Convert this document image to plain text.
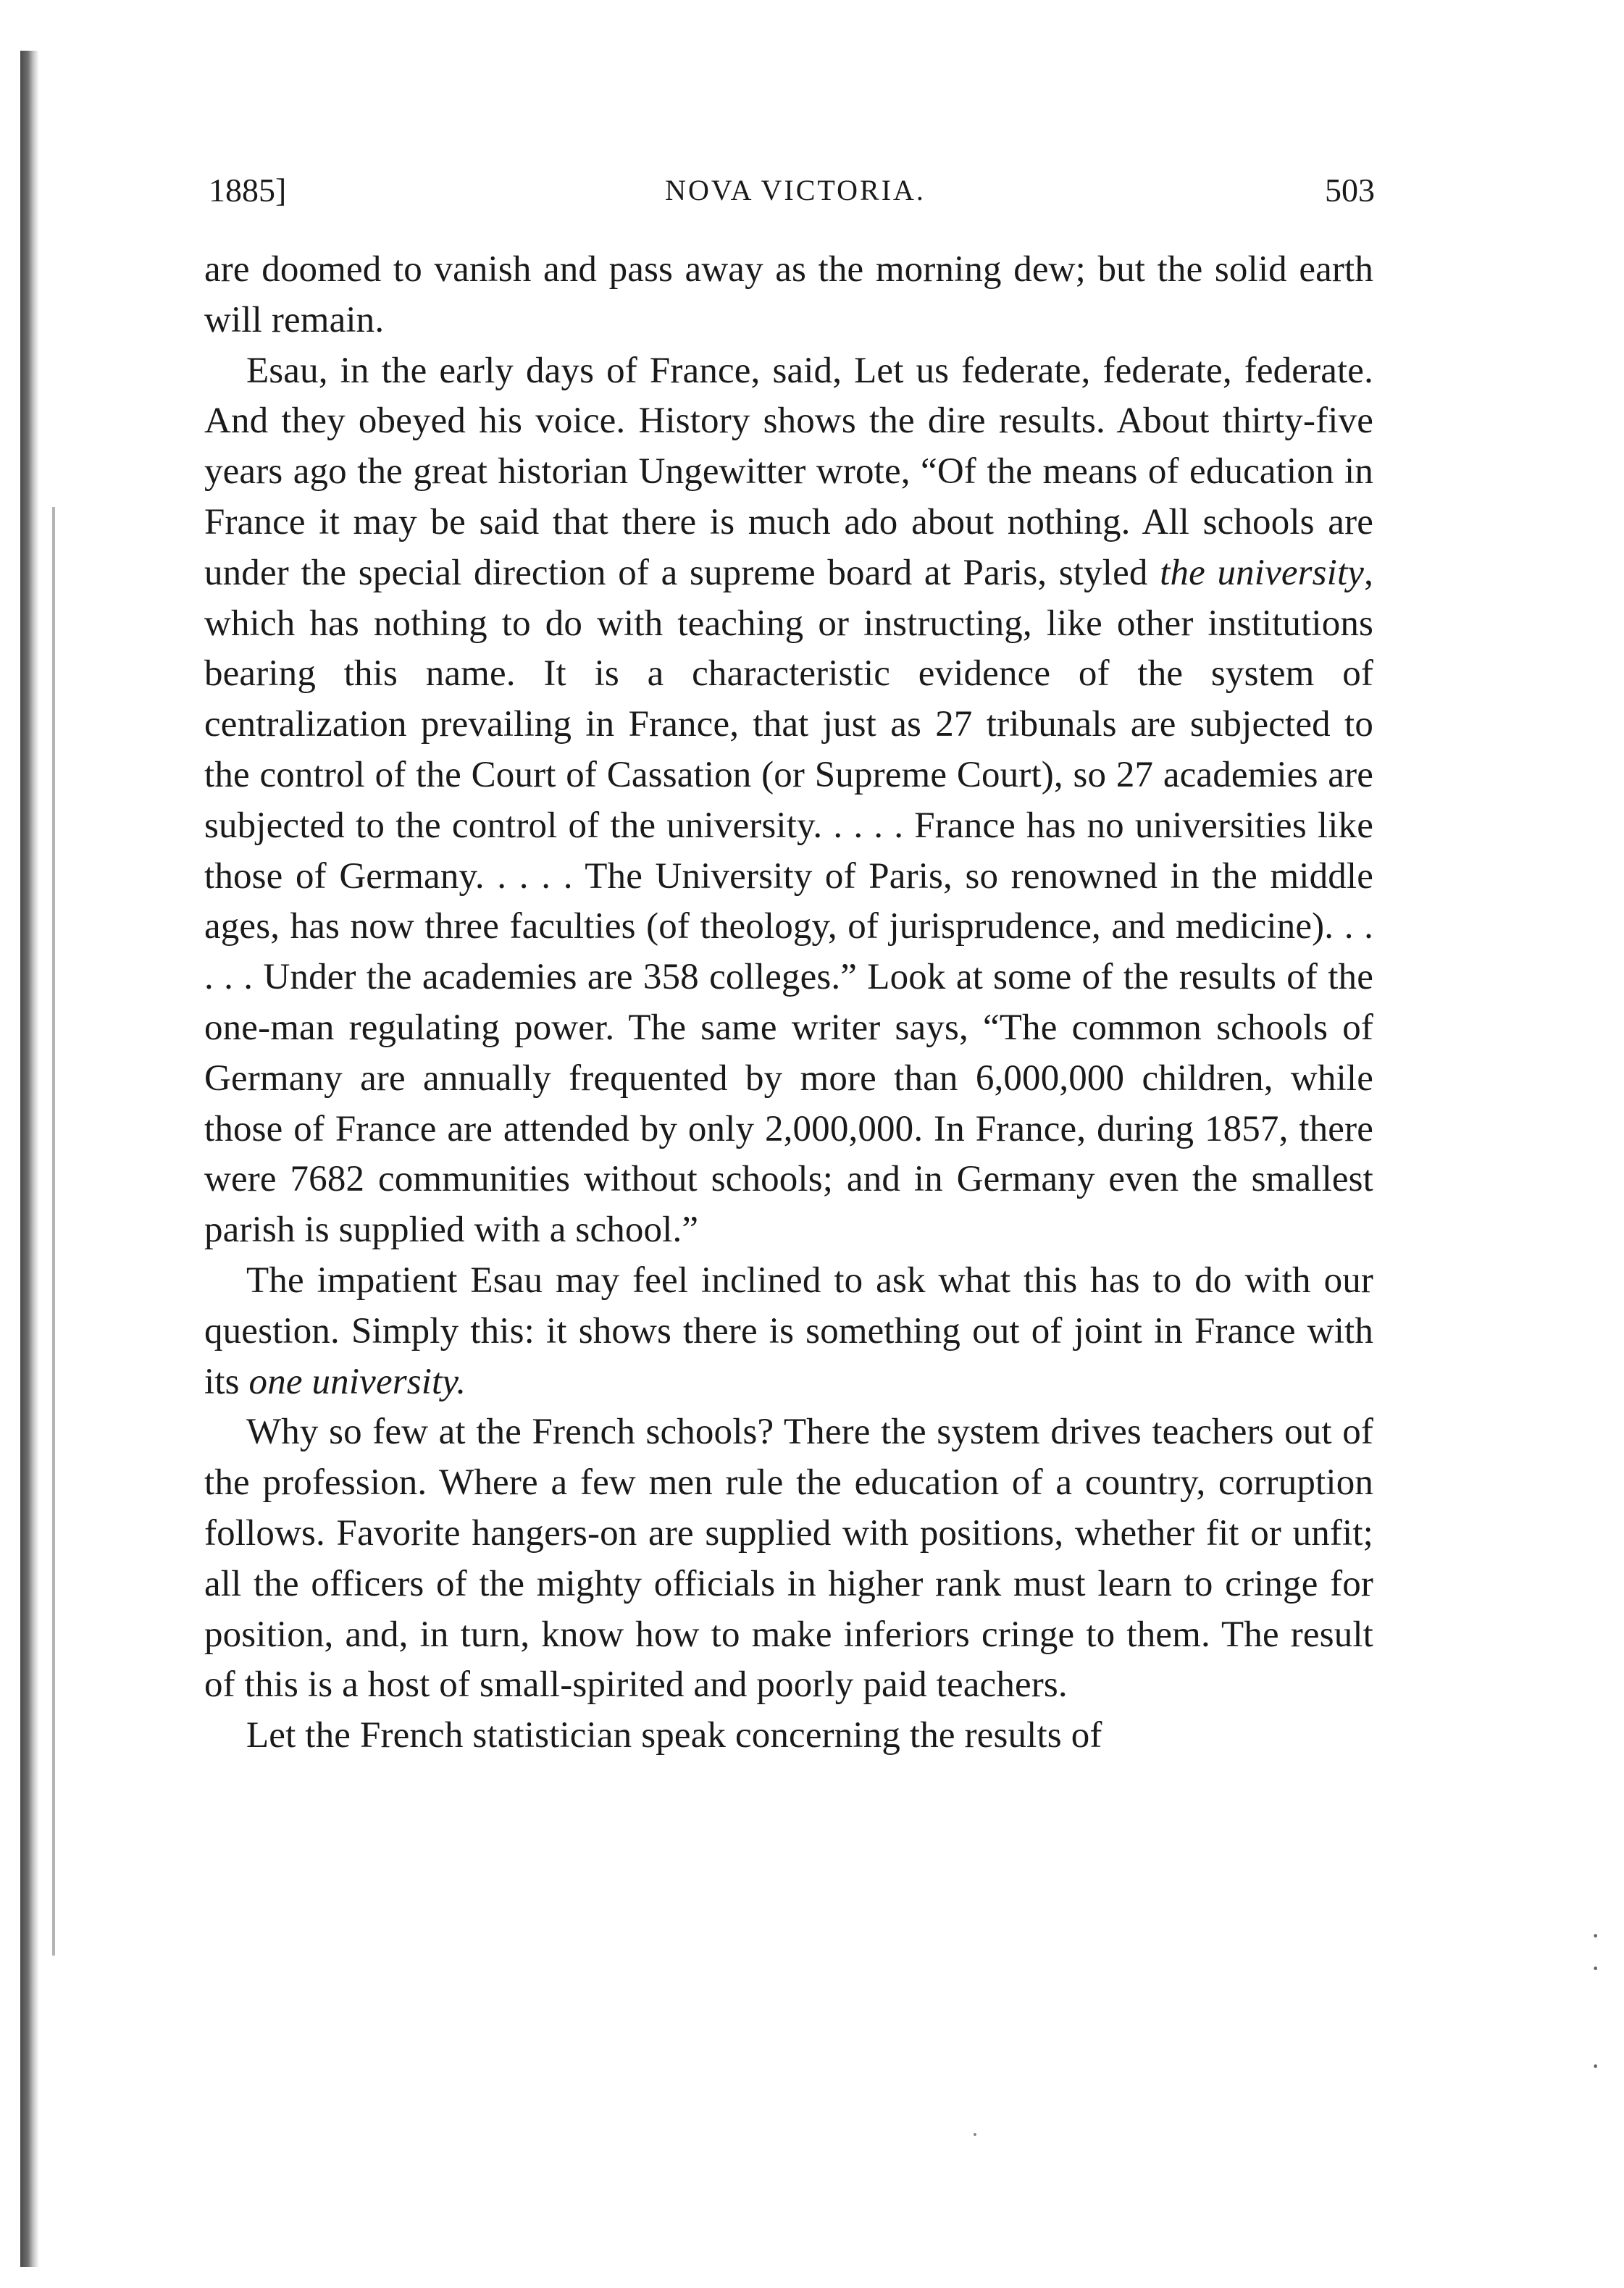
1885]	NOVA VICTORIA.	503

are doomed to vanish and pass away as the morning dew; but the solid earth will remain.

Esau, in the early days of France, said, Let us federate, federate, federate. And they obeyed his voice. History shows the dire results. About thirty-five years ago the great historian Ungewitter wrote, “Of the means of education in France it may be said that there is much ado about nothing. All schools are under the special direction of a supreme board at Paris, styled the university, which has nothing to do with teaching or instructing, like other institutions bearing this name. It is a characteristic evidence of the system of centralization prevailing in France, that just as 27 tribunals are subjected to the control of the Court of Cassation (or Supreme Court), so 27 academies are subjected to the control of the university. . . . . France has no universities like those of Germany. . . . . The University of Paris, so renowned in the middle ages, has now three faculties (of theology, of jurisprudence, and medicine). . . . . . Under the academies are 358 colleges.” Look at some of the results of the one-man regulating power. The same writer says, “The common schools of Germany are annually frequented by more than 6,000,000 children, while those of France are attended by only 2,000,000. In France, during 1857, there were 7682 communities without schools; and in Germany even the smallest parish is supplied with a school.”

The impatient Esau may feel inclined to ask what this has to do with our question. Simply this: it shows there is something out of joint in France with its one university.

Why so few at the French schools? There the system drives teachers out of the profession. Where a few men rule the education of a country, corruption follows. Favorite hangers-on are supplied with positions, whether fit or unfit; all the officers of the mighty officials in higher rank must learn to cringe for position, and, in turn, know how to make inferiors cringe to them. The result of this is a host of small-spirited and poorly paid teachers.

Let the French statistician speak concerning the results of

·
·

·
